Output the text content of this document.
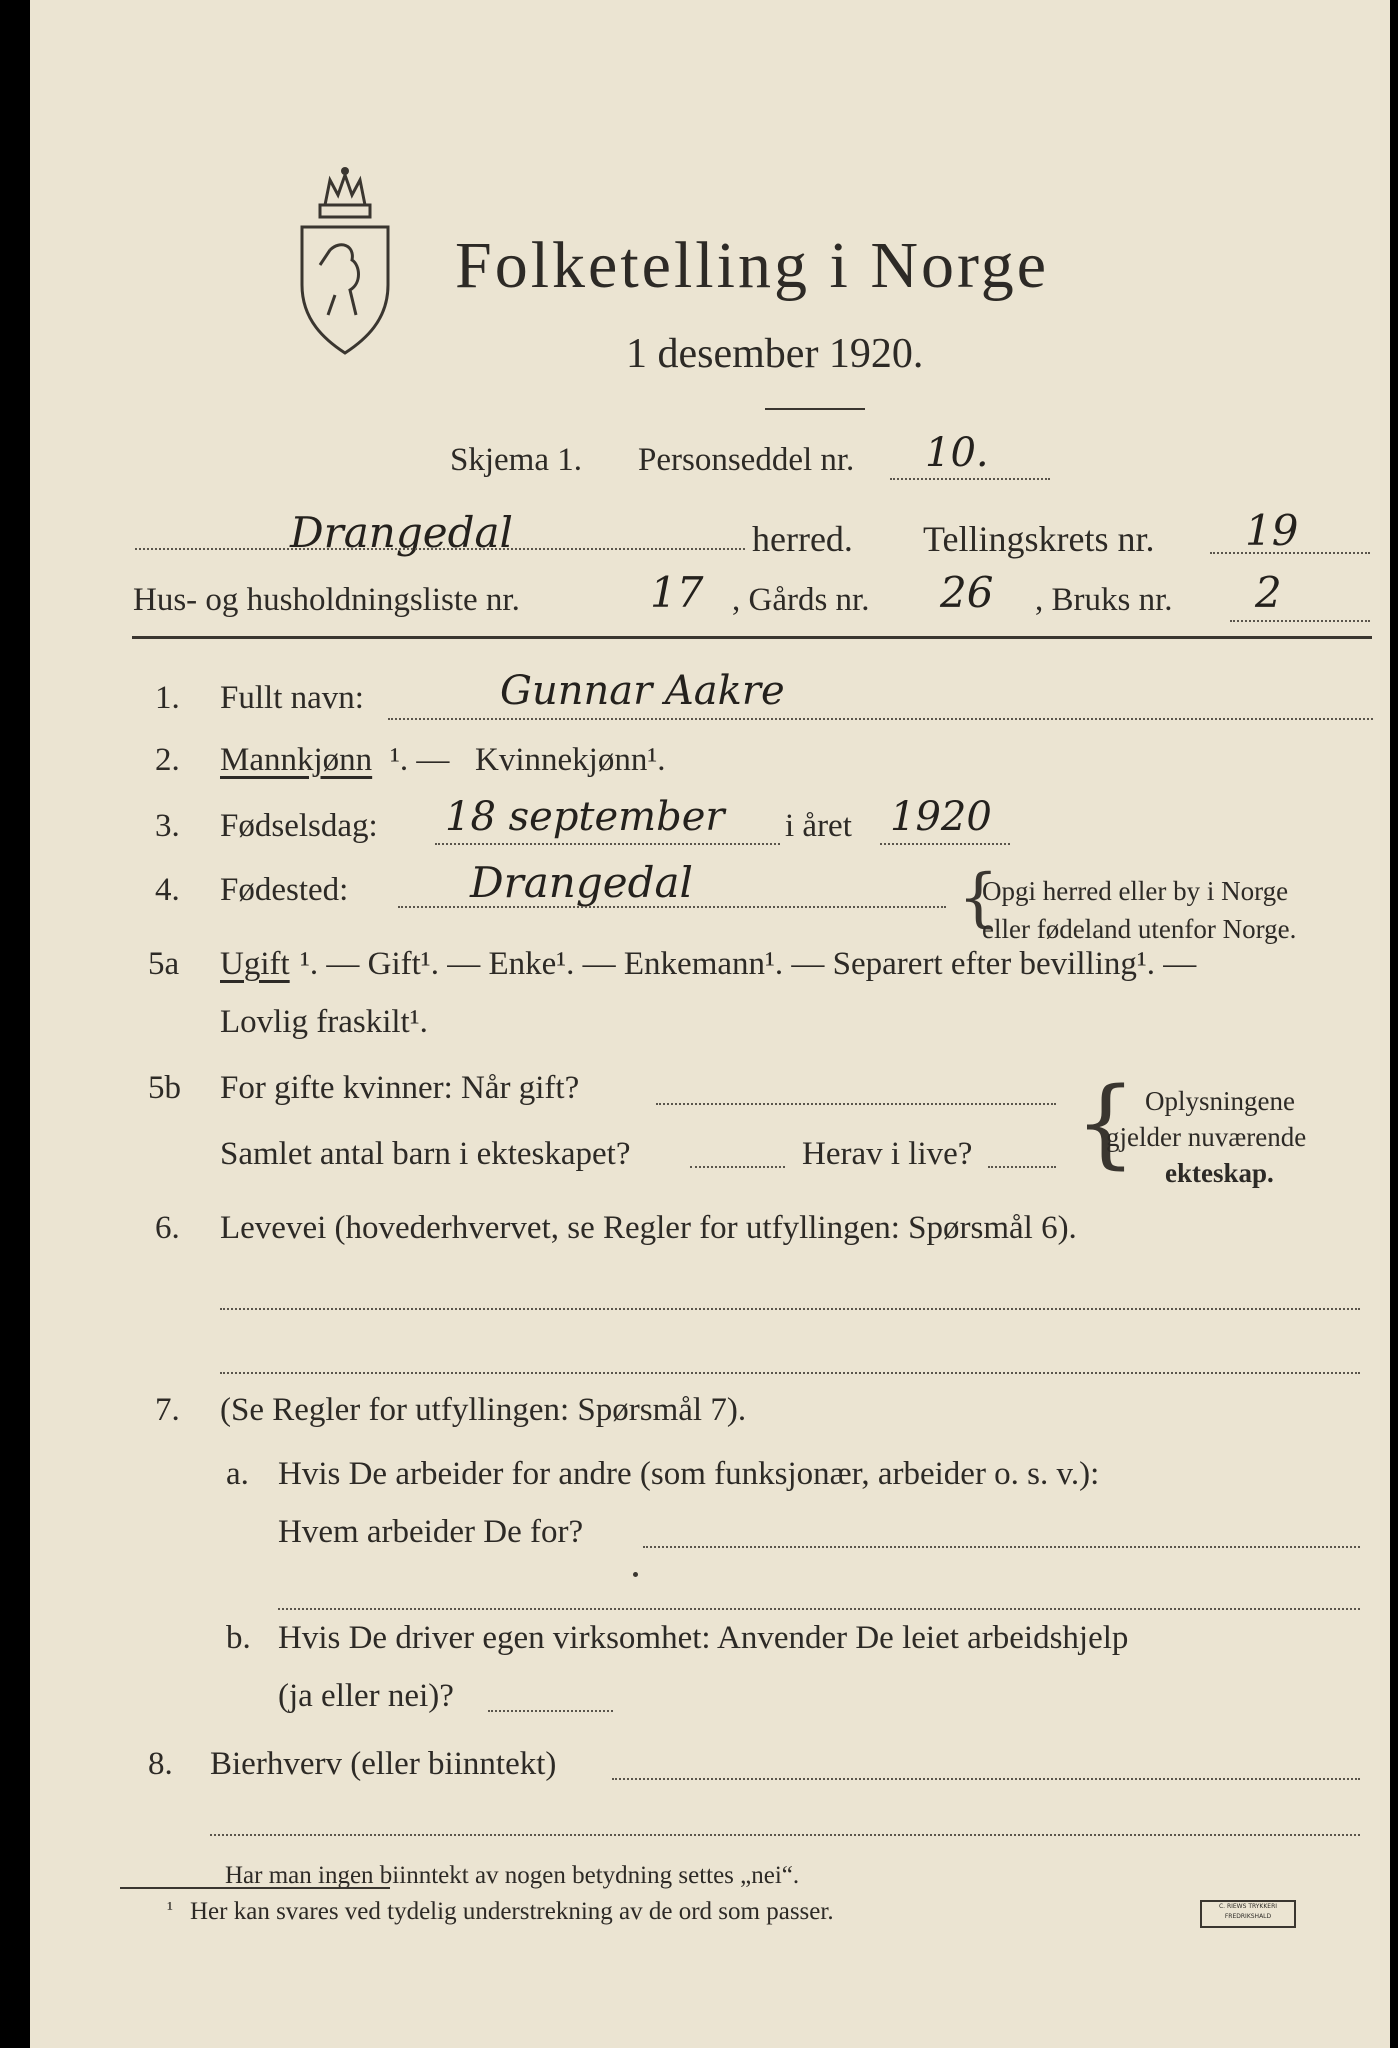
Folketelling i Norge
1 desember 1920.
Skjema 1. Personseddel nr. 10.
Drangedal	herred. Tellingskrets nr. 19
Hus- og husholdningsliste nr.	17 , Gårds nr. 26 , Bruks nr. 2
1. Fullt navn:	Gunnar Aakre
2. Mannkjønn ¹. — Kvinnekjønn¹.
3. Fødselsdag: 18 september i året 1920
4. Fødested:	Drangedal	{
Opgi herred eller by i Norge
eller fødeland utenfor Norge.
5a Ugift ¹. — Gift¹. — Enke¹. — Enkemann¹. — Separert efter bevilling¹. —
Lovlig fraskilt¹.
5b For gifte kvinner: Når gift?
Samlet antal barn i ekteskapet?	Herav i live? { Oplysningene
gjelder nuværende
ekteskap.
6. Levevei (hovederhvervet, se Regler for utfyllingen: Spørsmål 6).
7. (Se Regler for utfyllingen: Spørsmål 7).
a. Hvis De arbeider for andre (som funksjonær, arbeider o. s. v.):
Hvem arbeider De for?
b. Hvis De driver egen virksomhet: Anvender De leiet arbeidshjelp
(ja eller nei)?
8. Bierhverv (eller biinntekt)
Har man ingen biinntekt av nogen betydning settes „nei“.
¹ Her kan svares ved tydelig understrekning av de ord som passer.	C. RIEWS TRYKKERI FREDRIKSHALD
